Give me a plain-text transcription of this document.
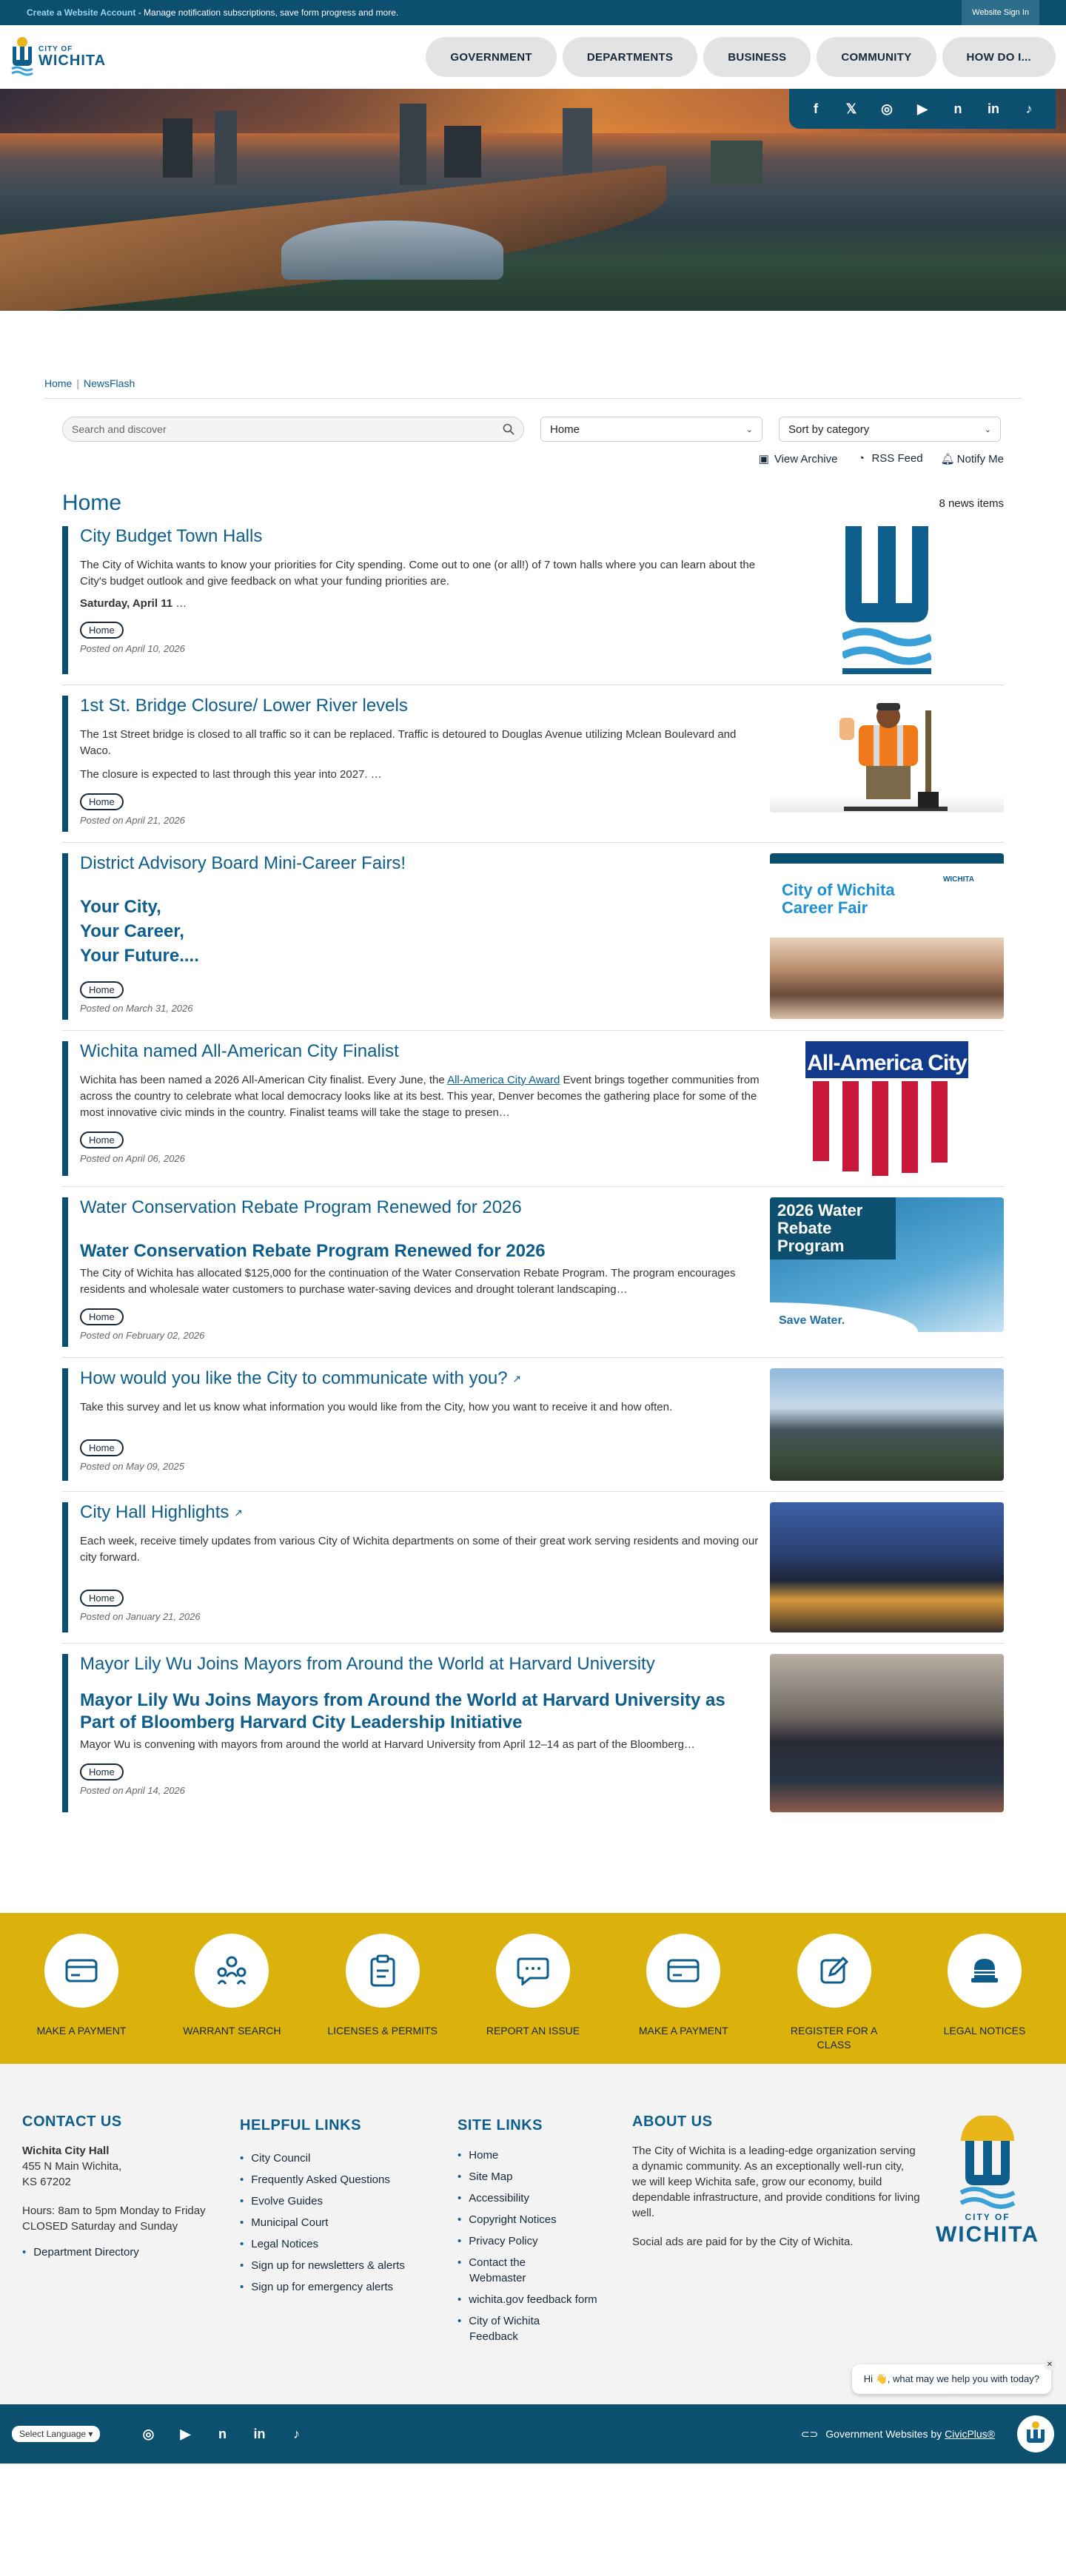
Create a Website Account - Manage notification subscriptions, save form progress and more.	Website Sign In
CITY OF
WICHITA	GOVERNMENT	DEPARTMENTS	BUSINESS	COMMUNITY	HOW DO I...
f	𝕏	◎	▶	n	in	♪
Home | NewsFlash
Search and discover	Home	⌄	Sort by category	⌄
▣ View Archive ◔ RSS Feed 🔔︎ Notify Me
Home	8 news items
City Budget Town Halls
The City of Wichita wants to know your priorities for City spending. Come out to one (or all!) of 7 town halls where you can learn about the City's budget outlook and give feedback on what your funding priorities are.
Saturday, April 11 …
Home
Posted on April 10, 2026
1st St. Bridge Closure/ Lower River levels
The 1st Street bridge is closed to all traffic so it can be replaced. Traffic is detoured to Douglas Avenue utilizing Mclean Boulevard and Waco.
The closure is expected to last through this year into 2027. …
Home
Posted on April 21, 2026
District Advisory Board Mini-Career Fairs!
Your City,
Your Career,
Your Future....
Home
Posted on March 31, 2026
City of Wichita Career Fair
WICHITA
Wichita named All-American City Finalist
Wichita has been named a 2026 All-American City finalist. Every June, the All-America City Award Event brings together communities from across the country to celebrate what local democracy looks like at its best. This year, Denver becomes the gathering place for some of the most innovative civic minds in the country. Finalist teams will take the stage to presen…
Home
Posted on April 06, 2026
All-America City
Water Conservation Rebate Program Renewed for 2026
Water Conservation Rebate Program Renewed for 2026
The City of Wichita has allocated $125,000 for the continuation of the Water Conservation Rebate Program. The program encourages residents and wholesale water customers to purchase water-saving devices and drought tolerant landscaping…
Home
Posted on February 02, 2026
2026 Water Rebate Program
Save Water.
How would you like the City to communicate with you? ↗
Take this survey and let us know what information you would like from the City, how you want to receive it and how often.
Home
Posted on May 09, 2025
City Hall Highlights ↗
Each week, receive timely updates from various City of Wichita departments on some of their great work serving residents and moving our city forward.
Home
Posted on January 21, 2026
Mayor Lily Wu Joins Mayors from Around the World at Harvard University
Mayor Lily Wu Joins Mayors from Around the World at Harvard University as Part of Bloomberg Harvard City Leadership Initiative
Mayor Wu is convening with mayors from around the world at Harvard University from April 12–14 as part of the Bloomberg…
Home
Posted on April 14, 2026
MAKE A PAYMENT	WARRANT SEARCH	LICENSES & PERMITS	REPORT AN ISSUE	MAKE A PAYMENT	REGISTER FOR A CLASS
LEGAL NOTICES
CONTACT US
Wichita City Hall
455 N Main Wichita,
KS 67202
Hours: 8am to 5pm Monday to Friday
CLOSED Saturday and Sunday
• Department Directory
HELPFUL LINKS
• City Council
• Frequently Asked Questions
• Evolve Guides
• Municipal Court
• Legal Notices
• Sign up for newsletters & alerts
• Sign up for emergency alerts
SITE LINKS
• Home
• Site Map
• Accessibility
• Copyright Notices
• Privacy Policy
• Contact the Webmaster
• wichita.gov feedback form
• City of Wichita Feedback
ABOUT US

The City of Wichita is a leading-edge organization serving a dynamic community. As an exceptionally well-run city, we will keep Wichita safe, grow our economy, build dependable infrastructure, and provide conditions for living well.

Social ads are paid for by the City of Wichita.

CITY OF
WICHITA
✕
Hi 👋, what may we help you with today?
Select Language ▾	◎	▶	n	in	♪	⊂⊃ Government Websites by CivicPlus®
